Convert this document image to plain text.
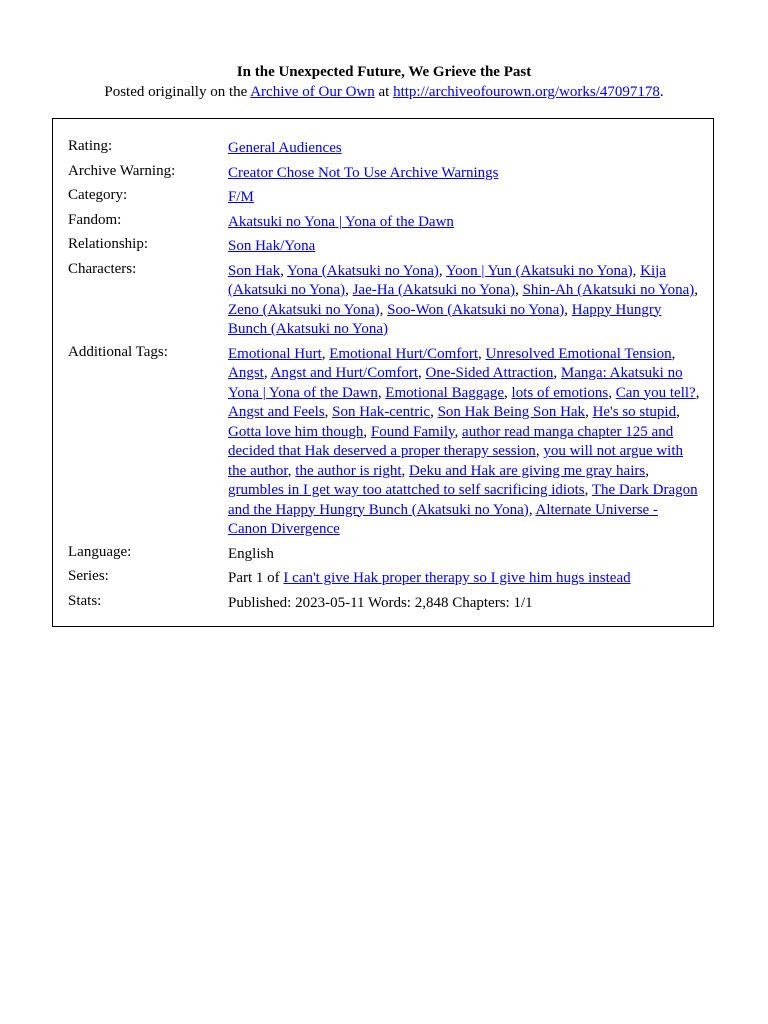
In the Unexpected Future, We Grieve the Past
Posted originally on the Archive of Our Own at http://archiveofourown.org/works/47097178.
Rating:	General Audiences
Archive Warning:	Creator Chose Not To Use Archive Warnings
Category:	F/M
Fandom:	Akatsuki no Yona | Yona of the Dawn
Relationship:	Son Hak/Yona
Characters:	Son Hak, Yona (Akatsuki no Yona), Yoon | Yun (Akatsuki no Yona), Kija (Akatsuki no Yona), Jae-Ha (Akatsuki no Yona), Shin-Ah (Akatsuki no Yona), Zeno (Akatsuki no Yona), Soo-Won (Akatsuki no Yona), Happy Hungry Bunch (Akatsuki no Yona)
Additional Tags:	Emotional Hurt, Emotional Hurt/Comfort, Unresolved Emotional Tension, Angst, Angst and Hurt/Comfort, One-Sided Attraction, Manga: Akatsuki no Yona | Yona of the Dawn, Emotional Baggage, lots of emotions, Can you tell?, Angst and Feels, Son Hak-centric, Son Hak Being Son Hak, He's so stupid, Gotta love him though, Found Family, author read manga chapter 125 and decided that Hak deserved a proper therapy session, you will not argue with the author, the author is right, Deku and Hak are giving me gray hairs, grumbles in I get way too atattched to self sacrificing idiots, The Dark Dragon and the Happy Hungry Bunch (Akatsuki no Yona), Alternate Universe - Canon Divergence
Language:	English
Series:	Part 1 of I can't give Hak proper therapy so I give him hugs instead
Stats:	Published: 2023-05-11 Words: 2,848 Chapters: 1/1
